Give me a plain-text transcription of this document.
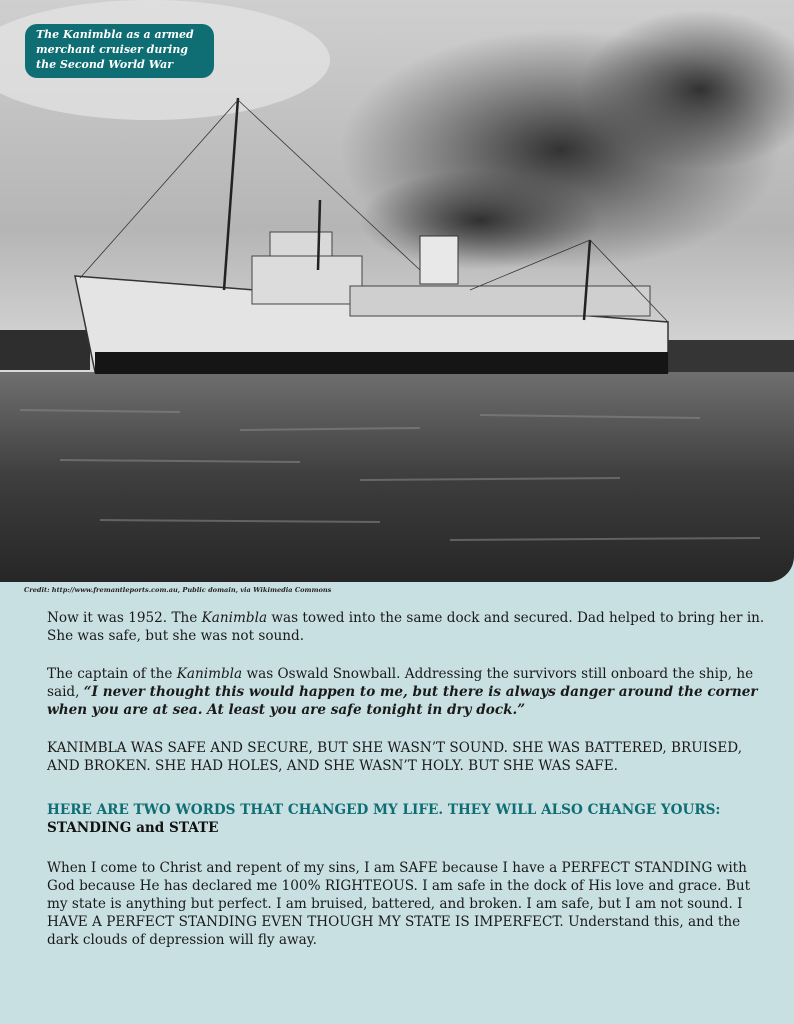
The Kanimbla as a armed merchant cruiser during the Second World War
Credit: http://www.fremantleports.com.au, Public domain, via Wikimedia Commons

Now it was 1952. The Kanimbla was towed into the same dock and secured. Dad helped to bring her in. She was safe, but she was not sound.

The captain of the Kanimbla was Oswald Snowball. Addressing the survivors still onboard the ship, he said, “I never thought this would happen to me, but there is always danger around the corner when you are at sea. At least you are safe tonight in dry dock.”

KANIMBLA WAS SAFE AND SECURE, BUT SHE WASN’T SOUND. SHE WAS BATTERED, BRUISED, AND BROKEN. SHE HAD HOLES, AND SHE WASN’T HOLY. BUT SHE WAS SAFE.

HERE ARE TWO WORDS THAT CHANGED MY LIFE. THEY WILL ALSO CHANGE YOURS: STANDING and STATE

When I come to Christ and repent of my sins, I am SAFE because I have a PERFECT STANDING with God because He has declared me 100% RIGHTEOUS. I am safe in the dock of His love and grace. But my state is anything but perfect. I am bruised, battered, and broken. I am safe, but I am not sound. I HAVE A PERFECT STANDING EVEN THOUGH MY STATE IS IMPERFECT. Understand this, and the dark clouds of depression will fly away.
